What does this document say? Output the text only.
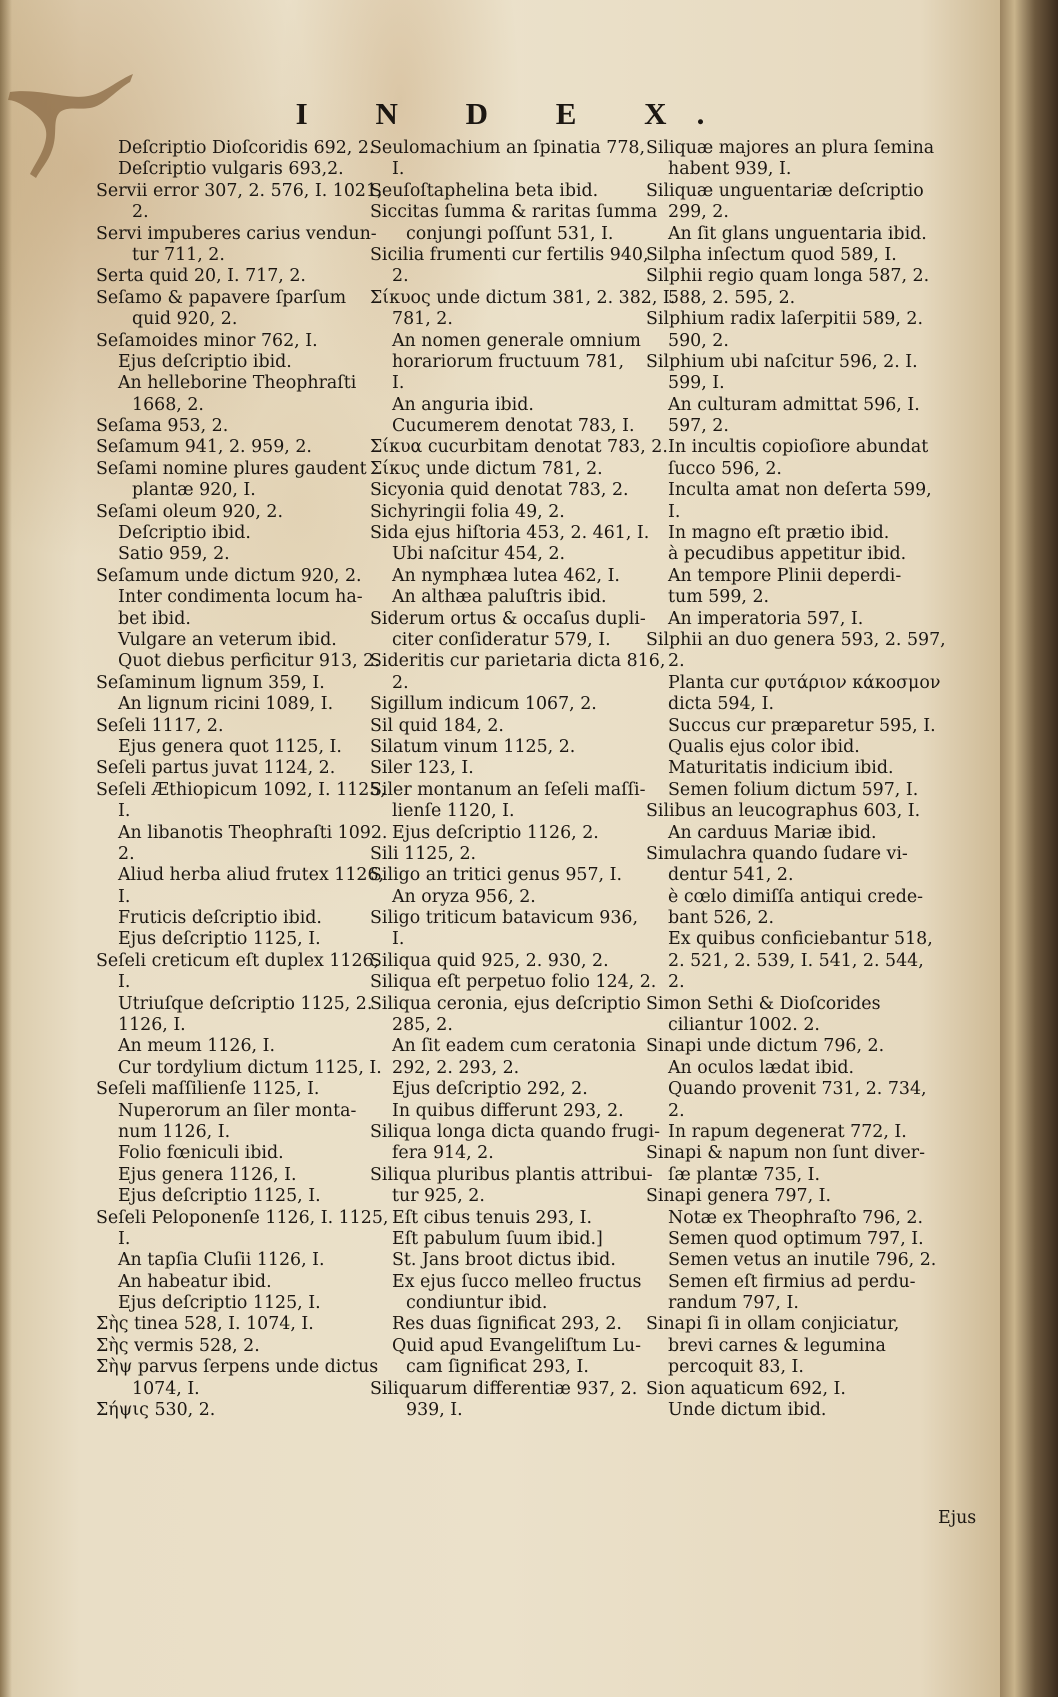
I N D E X.
Deſcriptio Dioſcoridis 692, 2.
Deſcriptio vulgaris 693,2.
Servii error 307, 2. 576, I. 1021,
2.
Servi impuberes carius vendun-
tur 711, 2.
Serta quid 20, I. 717, 2.
Seſamo & papavere ſparſum
quid 920, 2.
Seſamoides minor 762, I.
Ejus deſcriptio ibid.
An helleborine Theophraſti
1668, 2.
Seſama 953, 2.
Seſamum 941, 2. 959, 2.
Seſami nomine plures gaudent
plantæ 920, I.
Seſami oleum 920, 2.
Deſcriptio ibid.
Satio 959, 2.
Seſamum unde dictum 920, 2.
Inter condimenta locum ha-
bet ibid.
Vulgare an veterum ibid.
Quot diebus perficitur 913, 2.
Seſaminum lignum 359, I.
An lignum ricini 1089, I.
Seſeli 1117, 2.
Ejus genera quot 1125, I.
Seſeli partus juvat 1124, 2.
Seſeli Æthiopicum 1092, I. 1125,
I.
An libanotis Theophraſti 1092.
2.
Aliud herba aliud frutex 1126,
I.
Fruticis deſcriptio ibid.
Ejus deſcriptio 1125, I.
Seſeli creticum eſt duplex 1126,
I.
Utriuſque deſcriptio 1125, 2.
1126, I.
An meum 1126, I.
Cur tordylium dictum 1125, I.
Seſeli maſſilienſe 1125, I.
Nuperorum an ſiler monta-
num 1126, I.
Folio fœniculi ibid.
Ejus genera 1126, I.
Ejus deſcriptio 1125, I.
Seſeli Peloponenſe 1126, I. 1125,
I.
An tapſia Cluſii 1126, I.
An habeatur ibid.
Ejus deſcriptio 1125, I.
Σὴς tinea 528, I. 1074, I.
Σὴς vermis 528, 2.
Σὴψ parvus ſerpens unde dictus
1074, I.
Σήψις 530, 2.
Seulomachium an ſpinatia 778,
I.
Seuſoſtaphelina beta ibid.
Siccitas ſumma & raritas ſumma
conjungi poſſunt 531, I.
Sicilia frumenti cur fertilis 940,
2.
Σίκυος unde dictum 381, 2. 382, I.
781, 2.
An nomen generale omnium
horariorum fructuum 781,
I.
An anguria ibid.
Cucumerem denotat 783, I.
Σίκυα cucurbitam denotat 783, 2.
Σίκυς unde dictum 781, 2.
Sicyonia quid denotat 783, 2.
Sichyringii folia 49, 2.
Sida ejus hiſtoria 453, 2. 461, I.
Ubi naſcitur 454, 2.
An nymphæa lutea 462, I.
An althæa paluſtris ibid.
Siderum ortus & occaſus dupli-
citer conſideratur 579, I.
Sideritis cur parietaria dicta 816,
2.
Sigillum indicum 1067, 2.
Sil quid 184, 2.
Silatum vinum 1125, 2.
Siler 123, I.
Siler montanum an ſeſeli maſſi-
lienſe 1120, I.
Ejus deſcriptio 1126, 2.
Sili 1125, 2.
Siligo an tritici genus 957, I.
An oryza 956, 2.
Siligo triticum batavicum 936,
I.
Siliqua quid 925, 2. 930, 2.
Siliqua eſt perpetuo folio 124, 2.
Siliqua ceronia, ejus deſcriptio
285, 2.
An ſit eadem cum ceratonia
292, 2. 293, 2.
Ejus deſcriptio 292, 2.
In quibus differunt 293, 2.
Siliqua longa dicta quando frugi-
fera 914, 2.
Siliqua pluribus plantis attribui-
tur 925, 2.
Eſt cibus tenuis 293, I.
Eſt pabulum ſuum ibid.]
St. Jans broot dictus ibid.
Ex ejus ſucco melleo fructus
condiuntur ibid.
Res duas ſignificat 293, 2.
Quid apud Evangeliſtum Lu-
cam ſignificat 293, I.
Siliquarum differentiæ 937, 2.
939, I.
Siliquæ majores an plura ſemina
habent 939, I.
Siliquæ unguentariæ deſcriptio
299, 2.
An ſit glans unguentaria ibid.
Silpha inſectum quod 589, I.
Silphii regio quam longa 587, 2.
588, 2. 595, 2.
Silphium radix laſerpitii 589, 2.
590, 2.
Silphium ubi naſcitur 596, 2. I.
599, I.
An culturam admittat 596, I.
597, 2.
In incultis copioſiore abundat
ſucco 596, 2.
Inculta amat non deſerta 599,
I.
In magno eſt prætio ibid.
à pecudibus appetitur ibid.
An tempore Plinii deperdi-
tum 599, 2.
An imperatoria 597, I.
Silphii an duo genera 593, 2. 597,
2.
Planta cur φυτάριον κάκοσμον
dicta 594, I.
Succus cur præparetur 595, I.
Qualis ejus color ibid.
Maturitatis indicium ibid.
Semen folium dictum 597, I.
Silibus an leucographus 603, I.
An carduus Mariæ ibid.
Simulachra quando ſudare vi-
dentur 541, 2.
è cœlo dimiſſa antiqui crede-
bant 526, 2.
Ex quibus conficiebantur 518,
2. 521, 2. 539, I. 541, 2. 544,
2.
Simon Sethi & Dioſcorides
ciliantur 1002. 2.
Sinapi unde dictum 796, 2.
An oculos lædat ibid.
Quando provenit 731, 2. 734,
2.
In rapum degenerat 772, I.
Sinapi & napum non ſunt diver-
ſæ plantæ 735, I.
Sinapi genera 797, I.
Notæ ex Theophraſto 796, 2.
Semen quod optimum 797, I.
Semen vetus an inutile 796, 2.
Semen eſt firmius ad perdu-
randum 797, I.
Sinapi ſi in ollam conjiciatur,
brevi carnes & legumina
percoquit 83, I.
Sion aquaticum 692, I.
Unde dictum ibid.
Ejus
